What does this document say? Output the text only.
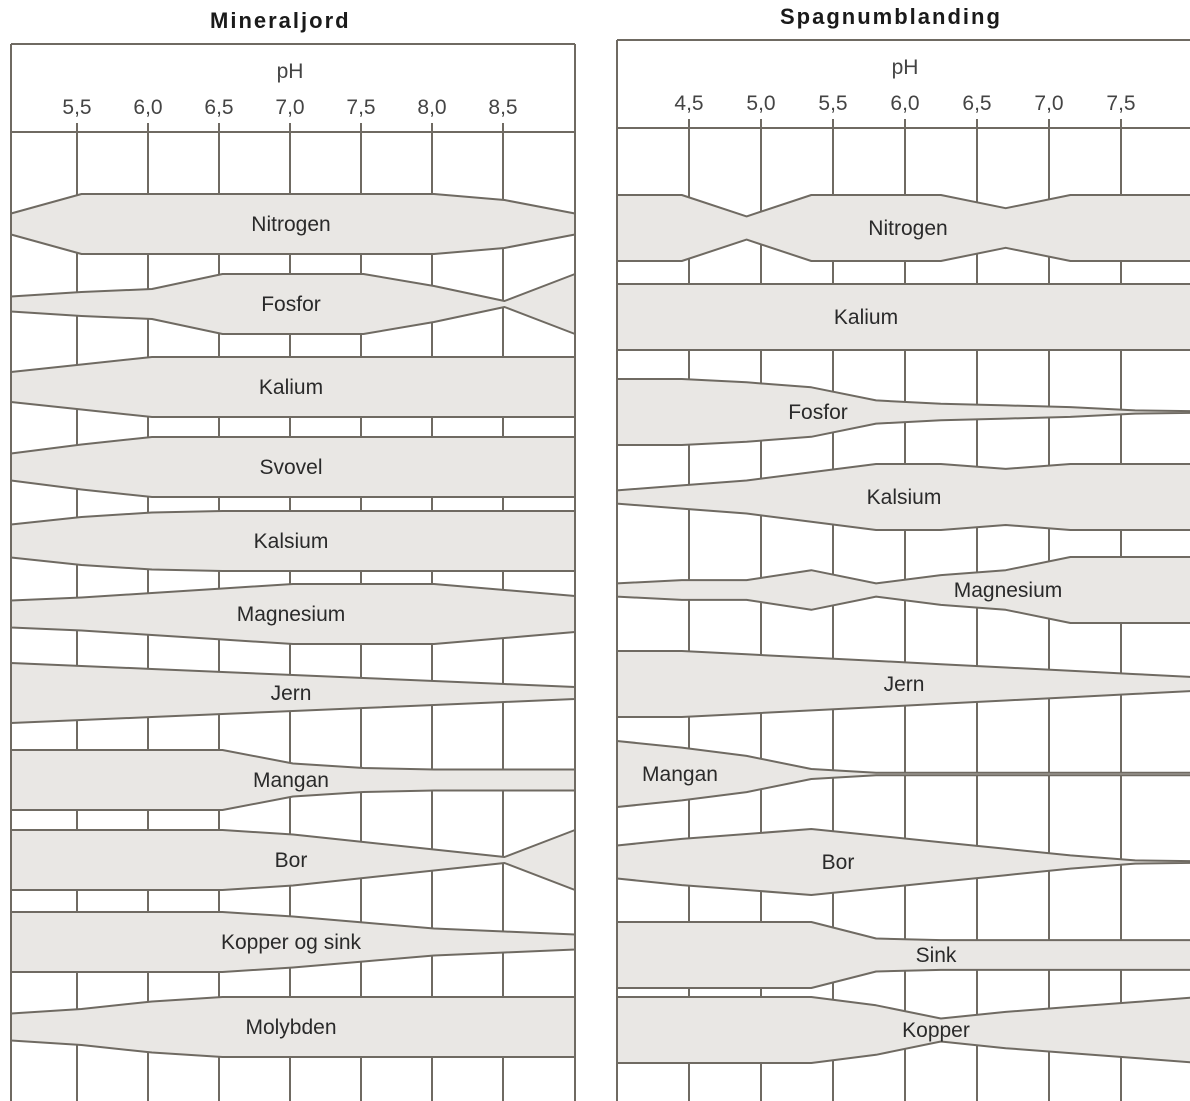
Mineraljord
Nitrogen
Fosfor
Kalium
Svovel
Kalsium
Magnesium
Jern
Mangan
Bor
Kopper og sink
Molybden
pH
5,5 6,0 6,5 7,0 7,5 8,0 8,5
Spagnumblanding
Nitrogen
Kalium
Fosfor
Kalsium
Magnesium
Jern
Mangan
Bor
Sink
Kopper
pH
4,5 5,0 5,5 6,0 6,5 7,0 7,5
